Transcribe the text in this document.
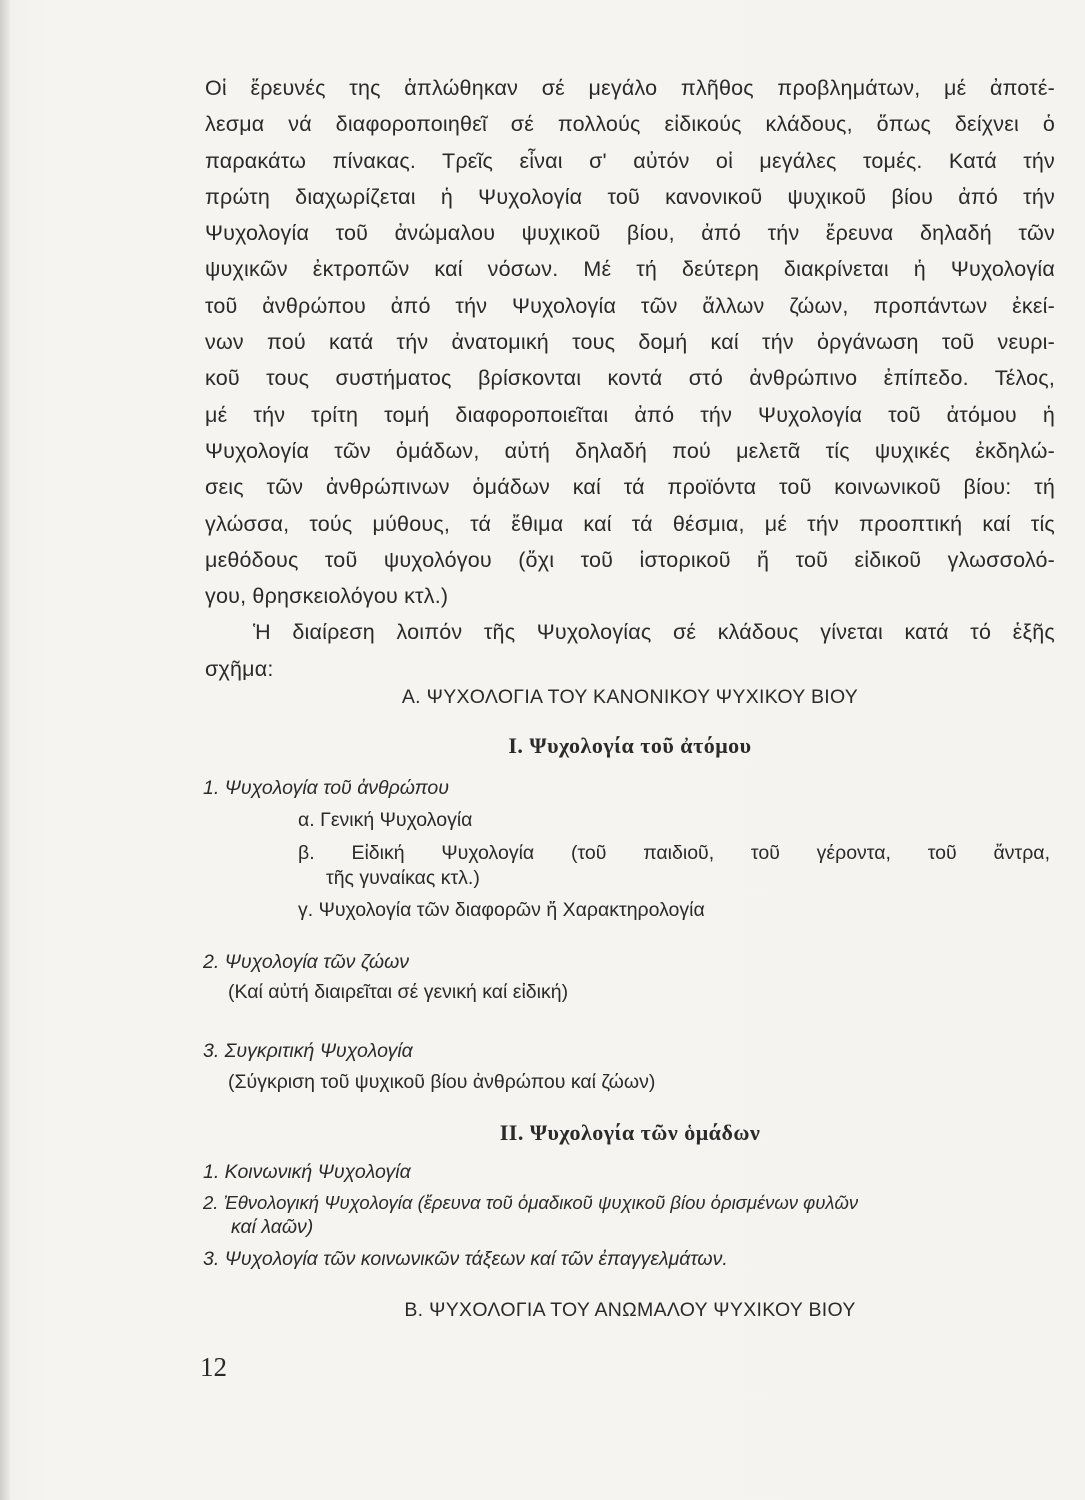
Οἱ ἔρευνές της ἁπλώθηκαν σέ μεγάλο πλῆθος προβλημάτων, μέ ἀποτέ-
λεσμα νά διαφοροποιηθεῖ σέ πολλούς εἰδικούς κλάδους, ὅπως δείχνει ὁ
παρακάτω πίνακας. Τρεῖς εἶναι σ' αὐτόν οἱ μεγάλες τομές. Κατά τήν
πρώτη διαχωρίζεται ἡ Ψυχολογία τοῦ κανονικοῦ ψυχικοῦ βίου ἀπό τήν
Ψυχολογία τοῦ ἀνώμαλου ψυχικοῦ βίου, ἀπό τήν ἔρευνα δηλαδή τῶν
ψυχικῶν ἐκτροπῶν καί νόσων. Μέ τή δεύτερη διακρίνεται ἡ Ψυχολογία
τοῦ ἀνθρώπου ἀπό τήν Ψυχολογία τῶν ἄλλων ζώων, προπάντων ἐκεί-
νων πού κατά τήν ἀνατομική τους δομή καί τήν ὀργάνωση τοῦ νευρι-
κοῦ τους συστήματος βρίσκονται κοντά στό ἀνθρώπινο ἐπίπεδο. Τέλος,
μέ τήν τρίτη τομή διαφοροποιεῖται ἀπό τήν Ψυχολογία τοῦ ἀτόμου ἡ
Ψυχολογία τῶν ὁμάδων, αὐτή δηλαδή πού μελετᾶ τίς ψυχικές ἐκδηλώ-
σεις τῶν ἀνθρώπινων ὁμάδων καί τά προϊόντα τοῦ κοινωνικοῦ βίου: τή
γλώσσα, τούς μύθους, τά ἔθιμα καί τά θέσμια, μέ τήν προοπτική καί τίς
μεθόδους τοῦ ψυχολόγου (ὄχι τοῦ ἱστορικοῦ ἤ τοῦ εἰδικοῦ γλωσσολό-
γου, θρησκειολόγου κτλ.)

Ἡ διαίρεση λοιπόν τῆς Ψυχολογίας σέ κλάδους γίνεται κατά τό ἑξῆς
σχῆμα:

Α. ΨΥΧΟΛΟΓΙΑ ΤΟΥ ΚΑΝΟΝΙΚΟΥ ΨΥΧΙΚΟΥ ΒΙΟΥ
Ι. Ψυχολογία τοῦ ἀτόμου
1. Ψυχολογία τοῦ ἀνθρώπου
α. Γενική Ψυχολογία
β. Εἰδική Ψυχολογία (τοῦ παιδιοῦ, τοῦ γέροντα, τοῦ ἄντρα,
τῆς γυναίκας κτλ.)
γ. Ψυχολογία τῶν διαφορῶν ἤ Χαρακτηρολογία
2. Ψυχολογία τῶν ζώων
(Καί αὐτή διαιρεῖται σέ γενική καί εἰδική)
3. Συγκριτική Ψυχολογία
(Σύγκριση τοῦ ψυχικοῦ βίου ἀνθρώπου καί ζώων)
ΙΙ. Ψυχολογία τῶν ὁμάδων
1. Κοινωνική Ψυχολογία
2. Ἐθνολογική Ψυχολογία (ἔρευνα τοῦ ὁμαδικοῦ ψυχικοῦ βίου ὁρισμένων φυλῶν
καί λαῶν)
3. Ψυχολογία τῶν κοινωνικῶν τάξεων καί τῶν ἐπαγγελμάτων.
Β. ΨΥΧΟΛΟΓΙΑ ΤΟΥ ΑΝΩΜΑΛΟΥ ΨΥΧΙΚΟΥ ΒΙΟΥ
12
